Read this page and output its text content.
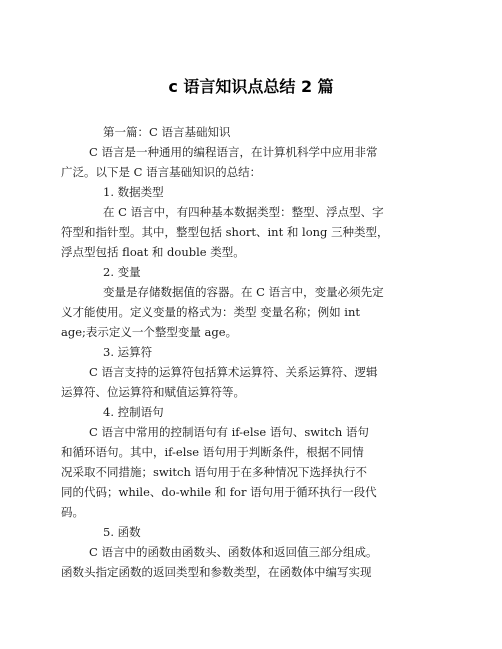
c 语言知识点总结 2 篇

第一篇：C 语言基础知识

C 语言是一种通用的编程语言，在计算机科学中应用非常

广泛。以下是 C 语言基础知识的总结：

1. 数据类型

在 C 语言中，有四种基本数据类型：整型、浮点型、字

符型和指针型。其中，整型包括 short、int 和 long 三种类型，

浮点型包括 float 和 double 类型。

2. 变量

变量是存储数据值的容器。在 C 语言中，变量必须先定

义才能使用。定义变量的格式为：类型 变量名称；例如 int

age;表示定义一个整型变量 age。

3. 运算符

C 语言支持的运算符包括算术运算符、关系运算符、逻辑

运算符、位运算符和赋值运算符等。

4. 控制语句

C 语言中常用的控制语句有 if-else 语句、switch 语句

和循环语句。其中，if-else 语句用于判断条件，根据不同情

况采取不同措施；switch 语句用于在多种情况下选择执行不

同的代码；while、do-while 和 for 语句用于循环执行一段代

码。

5. 函数

C 语言中的函数由函数头、函数体和返回值三部分组成。

函数头指定函数的返回类型和参数类型，在函数体中编写实现
